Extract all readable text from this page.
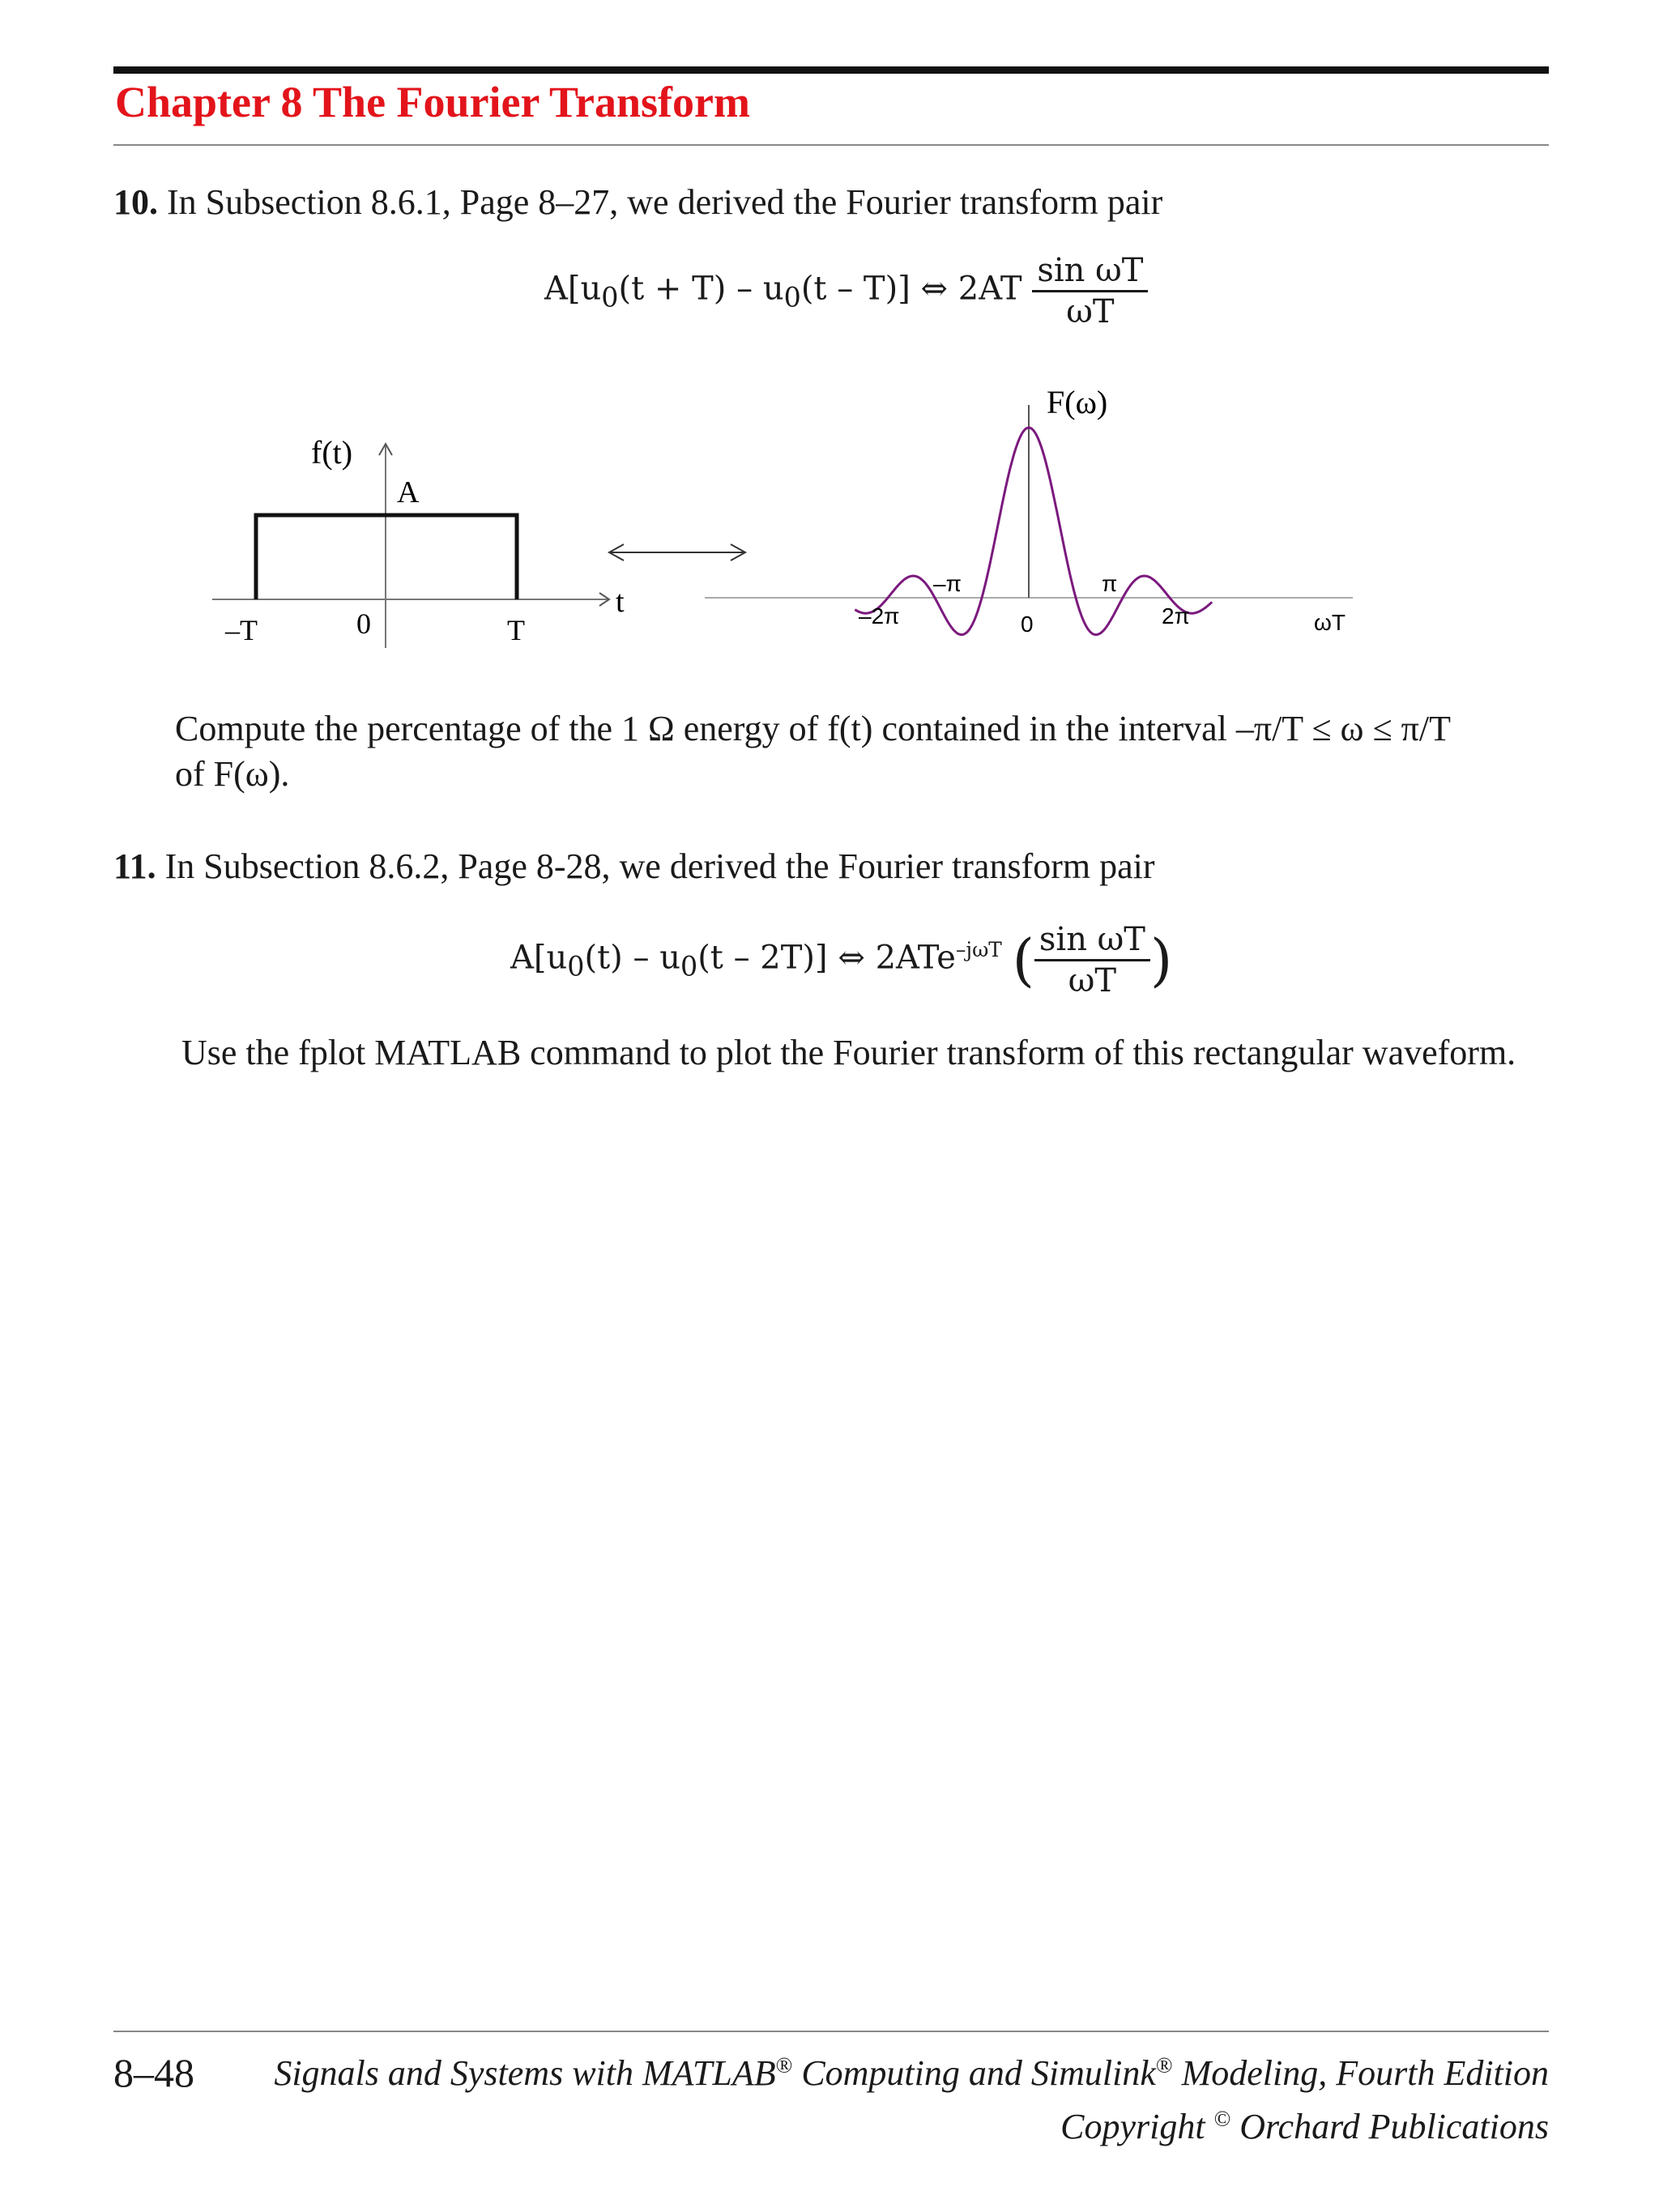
Chapter 8 The Fourier Transform
10. In Subsection 8.6.1, Page 8–27, we derived the Fourier transform pair
$A[u_0(t + T) - u_0(t - T)]$ ⇔ $2AT \frac{\text{sin ωT}}{\omega T}$
f(t)
A
t
–T	0	T
F(ω)
–2π	0	2π
–π	π
ωT
Compute the percentage of the 1 Ω energy of f(t) contained in the interval –π/T ≤ ω ≤ π/T
of F(ω).
11. In Subsection 8.6.2, Page 8-28, we derived the Fourier transform pair
$A[u_0(t) - u_0(t - 2T)]$ ⇔ 2ATe$^{-j\omega T}$ ( $\frac{\text{sin ωT}}{\omega T}$ )
Use the fplot MATLAB command to plot the Fourier transform of this rectangular waveform.
8–48 Signals and Systems with MATLAB® Computing and Simulink® Modeling, Fourth Edition
Copyright © Orchard Publications
